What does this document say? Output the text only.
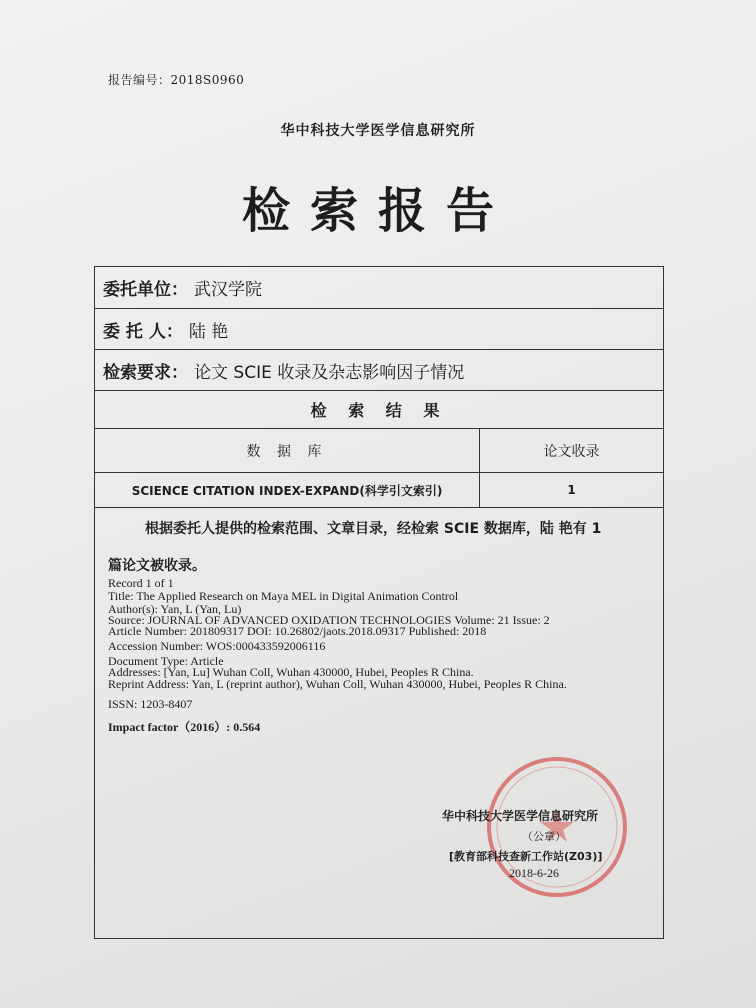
报告编号：2018S0960
华中科技大学医学信息研究所
检索报告
委托单位： 武汉学院
委 托 人： 陆 艳
检索要求： 论文 SCIE 收录及杂志影响因子情况
检 索 结 果
数 据 库	论文收录
SCIENCE CITATION INDEX-EXPAND(科学引文索引)	1
根据委托人提供的检索范围、文章目录，经检索 SCIE 数据库，陆 艳有 1
篇论文被收录。
Record 1 of 1
Title: The Applied Research on Maya MEL in Digital Animation Control
Author(s): Yan, L (Yan, Lu)
Source: JOURNAL OF ADVANCED OXIDATION TECHNOLOGIES Volume: 21 Issue: 2
Article Number: 201809317 DOI: 10.26802/jaots.2018.09317 Published: 2018
Accession Number: WOS:000433592006116
Document Type: Article
Addresses: [Yan, Lu] Wuhan Coll, Wuhan 430000, Hubei, Peoples R China.
Reprint Address: Yan, L (reprint author), Wuhan Coll, Wuhan 430000, Hubei, Peoples R China.
ISSN: 1203-8407
Impact factor（2016）: 0.564
华中科技大学医学信息研究所
（公章）
[教育部科技查新工作站(Z03)]
2018-6-26
